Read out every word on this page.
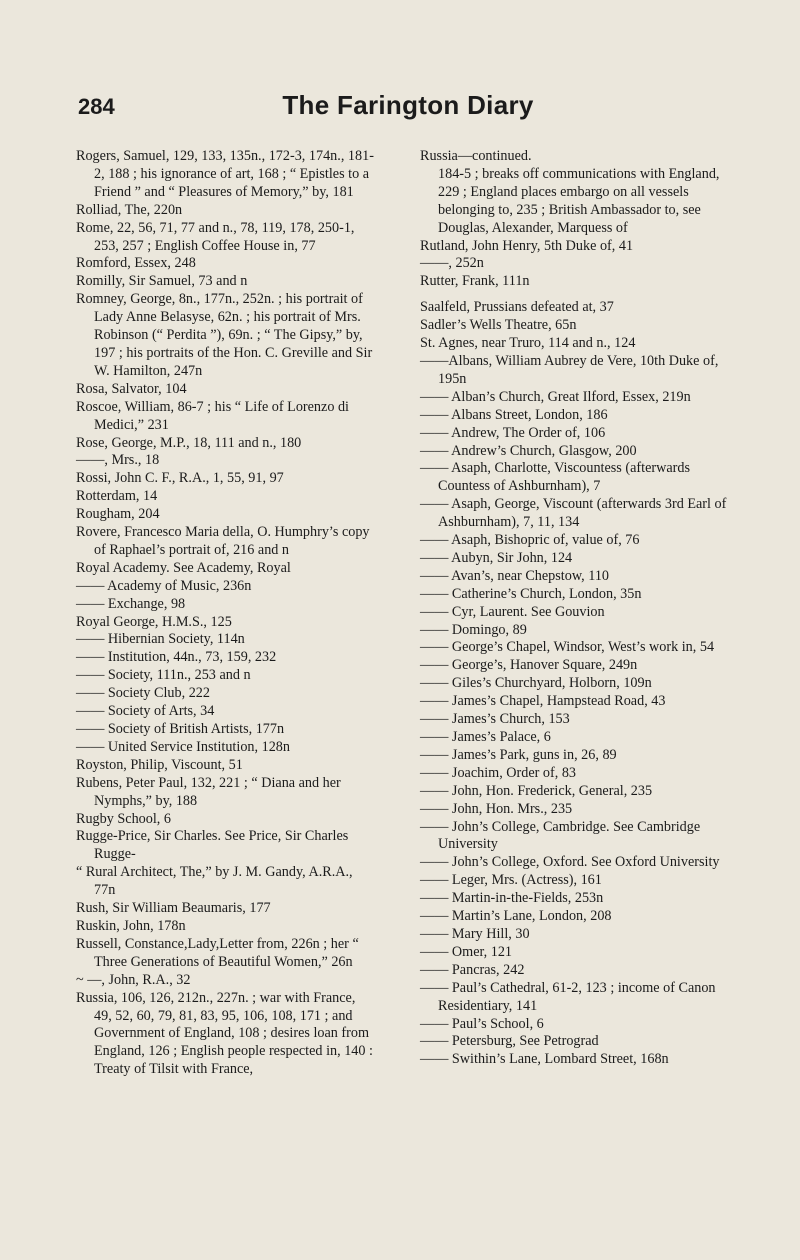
284	The Farington Diary

Rogers, Samuel, 129, 133, 135n., 172-3, 174n., 181-2, 188 ; his ignorance of art, 168 ; “ Epistles to a Friend ” and “ Pleasures of Memory,” by, 181

Rolliad, The, 220n

Rome, 22, 56, 71, 77 and n., 78, 119, 178, 250-1, 253, 257 ; English Coffee House in, 77

Romford, Essex, 248

Romilly, Sir Samuel, 73 and n

Romney, George, 8n., 177n., 252n. ; his portrait of Lady Anne Belasyse, 62n. ; his portrait of Mrs. Robinson (“ Perdita ”), 69n. ; “ The Gipsy,” by, 197 ; his portraits of the Hon. C. Greville and Sir W. Hamilton, 247n

Rosa, Salvator, 104

Roscoe, William, 86-7 ; his “ Life of Lorenzo di Medici,” 231

Rose, George, M.P., 18, 111 and n., 180

——, Mrs., 18

Rossi, John C. F., R.A., 1, 55, 91, 97

Rotterdam, 14

Rougham, 204

Rovere, Francesco Maria della, O. Humphry’s copy of Raphael’s portrait of, 216 and n

Royal Academy. See Academy, Royal

—— Academy of Music, 236n

—— Exchange, 98

Royal George, H.M.S., 125

—— Hibernian Society, 114n

—— Institution, 44n., 73, 159, 232

—— Society, 111n., 253 and n

—— Society Club, 222

—— Society of Arts, 34

—— Society of British Artists, 177n

—— United Service Institution, 128n

Royston, Philip, Viscount, 51

Rubens, Peter Paul, 132, 221 ; “ Diana and her Nymphs,” by, 188

Rugby School, 6

Rugge-Price, Sir Charles. See Price, Sir Charles Rugge-

“ Rural Architect, The,” by J. M. Gandy, A.R.A., 77n

Rush, Sir William Beaumaris, 177

Ruskin, John, 178n

Russell, Constance,Lady,Letter from, 226n ; her “ Three Generations of Beautiful Women,” 26n

~ —, John, R.A., 32

Russia, 106, 126, 212n., 227n. ; war with France, 49, 52, 60, 79, 81, 83, 95, 106, 108, 171 ; and Government of England, 108 ; desires loan from England, 126 ; English people respected in, 140 : Treaty of Tilsit with France,

Russia—continued.

184-5 ; breaks off communications with England, 229 ; England places embargo on all vessels belonging to, 235 ; British Ambassador to, see Douglas, Alexander, Marquess of

Rutland, John Henry, 5th Duke of, 41

——, 252n

Rutter, Frank, 111n

Saalfeld, Prussians defeated at, 37

Sadler’s Wells Theatre, 65n

St. Agnes, near Truro, 114 and n., 124

——Albans, William Aubrey de Vere, 10th Duke of, 195n

—— Alban’s Church, Great Ilford, Essex, 219n

—— Albans Street, London, 186

—— Andrew, The Order of, 106

—— Andrew’s Church, Glasgow, 200

—— Asaph, Charlotte, Viscountess (afterwards Countess of Ashburnham), 7

—— Asaph, George, Viscount (afterwards 3rd Earl of Ashburnham), 7, 11, 134

—— Asaph, Bishopric of, value of, 76

—— Aubyn, Sir John, 124

—— Avan’s, near Chepstow, 110

—— Catherine’s Church, London, 35n

—— Cyr, Laurent. See Gouvion

—— Domingo, 89

—— George’s Chapel, Windsor, West’s work in, 54

—— George’s, Hanover Square, 249n

—— Giles’s Churchyard, Holborn, 109n

—— James’s Chapel, Hampstead Road, 43

—— James’s Church, 153

—— James’s Palace, 6

—— James’s Park, guns in, 26, 89

—— Joachim, Order of, 83

—— John, Hon. Frederick, General, 235

—— John, Hon. Mrs., 235

—— John’s College, Cambridge. See Cambridge University

—— John’s College, Oxford. See Oxford University

—— Leger, Mrs. (Actress), 161

—— Martin-in-the-Fields, 253n

—— Martin’s Lane, London, 208

—— Mary Hill, 30

—— Omer, 121

—— Pancras, 242

—— Paul’s Cathedral, 61-2, 123 ; income of Canon Residentiary, 141

—— Paul’s School, 6

—— Petersburg, See Petrograd

—— Swithin’s Lane, Lombard Street, 168n
